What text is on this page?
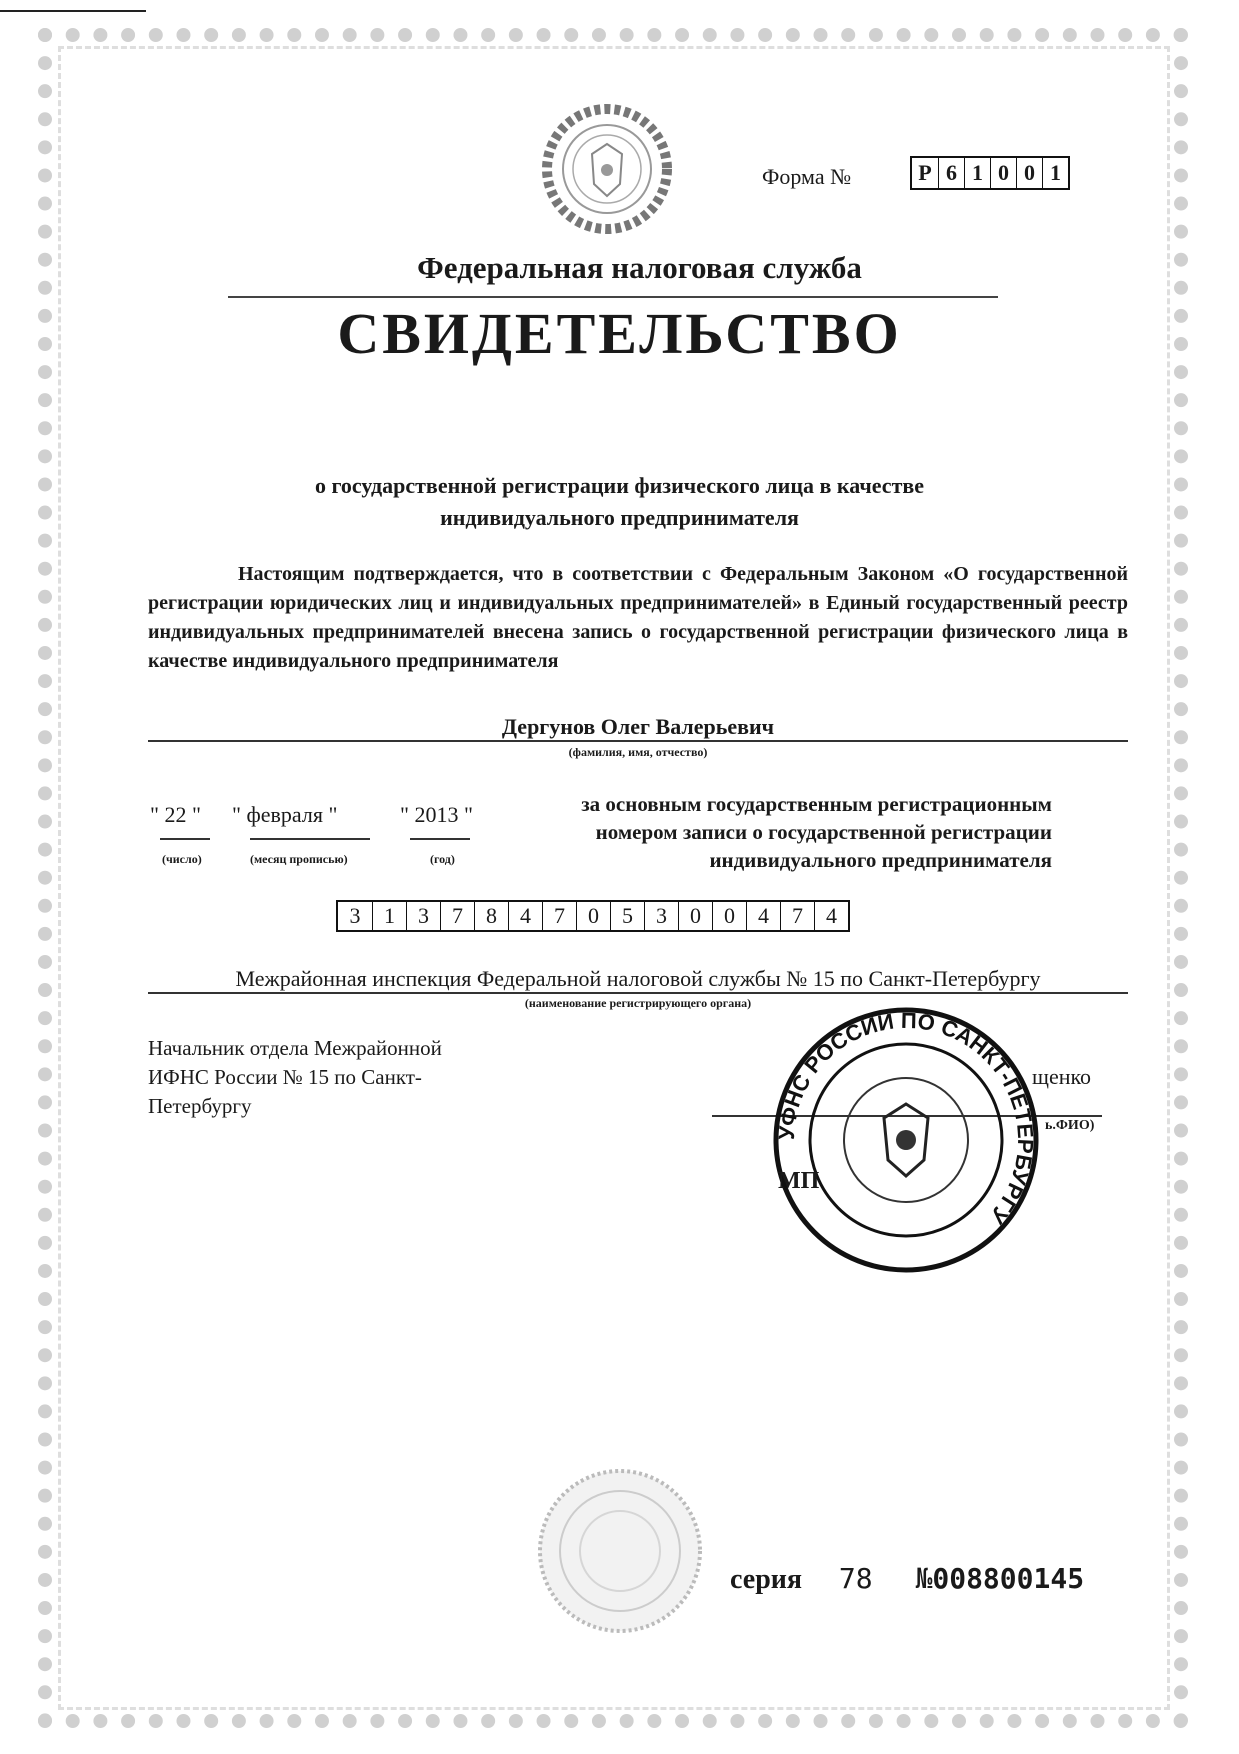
Форма №	Р 6 1 0 0 1
Федеральная налоговая служба
СВИДЕТЕЛЬСТВО
о государственной регистрации физического лица в качестве
индивидуального предпринимателя

Настоящим подтверждается, что в соответствии с Федеральным Законом «О государственной регистрации юридических лиц и индивидуальных предпринимателей» в Единый государственный реестр индивидуальных предпринимателей внесена запись о государственной регистрации физического лица в качестве индивидуального предпринимателя

Дергунов Олег Валерьевич
(фамилия, имя, отчество)
" 22 " " февраля "	" 2013 "
(число)	(месяц прописью)	(год)
за основным государственным регистрационным
номером записи о государственной регистрации
индивидуального предпринимателя
3	1	3	7	8	4	7	0	5	3	0	0	4	7	4
Межрайонная инспекция Федеральной налоговой службы № 15 по Санкт-Петербургу
(наименование регистрирующего органа)
Начальник отдела Межрайонной
ИФНС России № 15 по Санкт-
Петербургу
щенко
ь.ФИО)
УФНС РОССИИ ПО САНКТ-ПЕТЕРБУРГУ
МП
серия 78 №008800145
